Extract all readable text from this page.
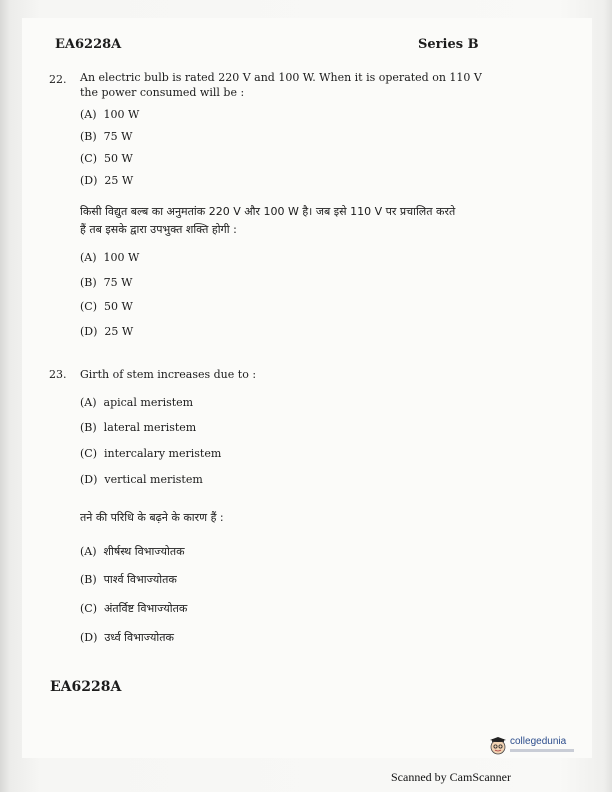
EA6228A	Series B
22. An electric bulb is rated 220 V and 100 W. When it is operated on 110 V
the power consumed will be :
(A) 100 W
(B) 75 W
(C) 50 W
(D) 25 W
किसी विद्युत बल्ब का अनुमतांक 220 V और 100 W है। जब इसे 110 V पर प्रचालित करते
हैं तब इसके द्वारा उपभुक्त शक्ति होगी :
(A) 100 W
(B) 75 W
(C) 50 W
(D) 25 W
23. Girth of stem increases due to :
(A) apical meristem
(B) lateral meristem
(C) intercalary meristem
(D) vertical meristem
तने की परिधि के बढ़ने के कारण हैं :
(A) शीर्षस्थ विभाज्योतक
(B) पार्श्व विभाज्योतक
(C) अंतर्विष्ट विभाज्योतक
(D) उर्ध्व विभाज्योतक
EA6228A
collegedunia
Scanned by CamScanner
